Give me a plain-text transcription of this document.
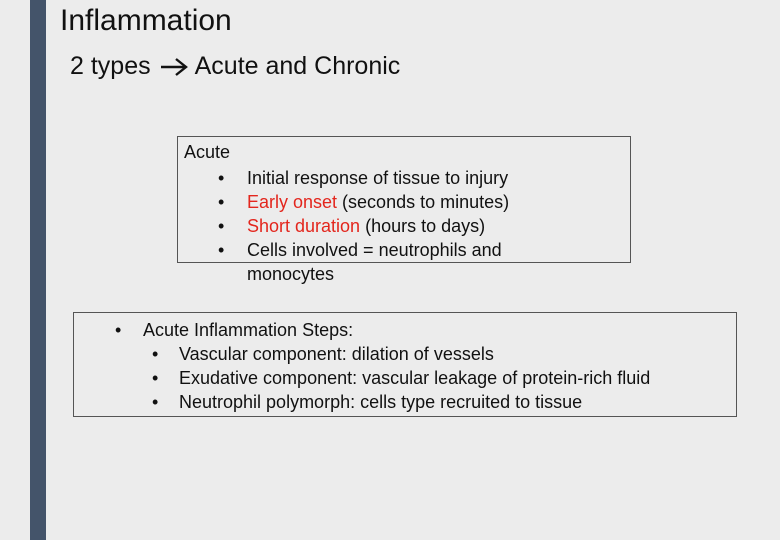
Inflammation
2 types Acute and Chronic
Acute
• Initial response of tissue to injury
• Early onset (seconds to minutes)
• Short duration (hours to days)
• Cells involved = neutrophils and monocytes
• Acute Inflammation Steps:
• Vascular component: dilation of vessels
• Exudative component: vascular leakage of protein-rich fluid
• Neutrophil polymorph: cells type recruited to tissue
